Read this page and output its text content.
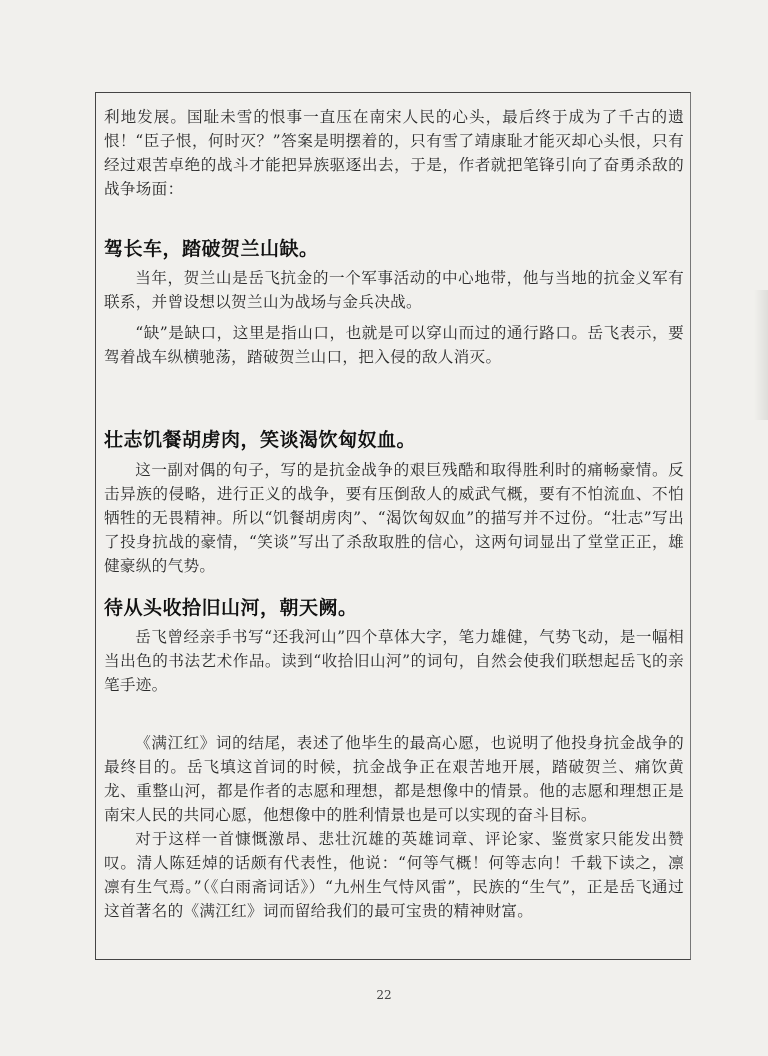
利地发展。国耻未雪的恨事一直压在南宋人民的心头，最后终于成为了千古的遗恨！ “臣子恨，何时灭？”答案是明摆着的，只有雪了靖康耻才能灭却心头恨，只有经过艰苦卓绝的战斗才能把异族驱逐出去，于是，作者就把笔锋引向了奋勇杀敌的战争场面：
驾长车，踏破贺兰山缺。
当年，贺兰山是岳飞抗金的一个军事活动的中心地带，他与当地的抗金义军有联系，并曾设想以贺兰山为战场与金兵决战。
“缺”是缺口，这里是指山口，也就是可以穿山而过的通行路口。岳飞表示，要驾着战车纵横驰荡，踏破贺兰山口，把入侵的敌人消灭。
壮志饥餐胡虏肉，笑谈渴饮匈奴血。
这一副对偶的句子，写的是抗金战争的艰巨残酷和取得胜利时的痛畅豪情。反击异族的侵略，进行正义的战争，要有压倒敌人的威武气概，要有不怕流血、不怕牺牲的无畏精神。所以“饥餐胡虏肉”、“渴饮匈奴血”的描写并不过份。“壮志”写出了投身抗战的豪情，“笑谈”写出了杀敌取胜的信心，这两句词显出了堂堂正正，雄健豪纵的气势。
待从头收拾旧山河，朝天阙。
岳飞曾经亲手书写“还我河山”四个草体大字，笔力雄健，气势飞动，是一幅相当出色的书法艺术作品。读到“收拾旧山河”的词句，自然会使我们联想起岳飞的亲笔手迹。
《满江红》词的结尾，表述了他毕生的最高心愿，也说明了他投身抗金战争的最终目的。岳飞填这首词的时候，抗金战争正在艰苦地开展，踏破贺兰、痛饮黄龙、重整山河，都是作者的志愿和理想，都是想像中的情景。他的志愿和理想正是南宋人民的共同心愿，他想像中的胜利情景也是可以实现的奋斗目标。
对于这样一首慷慨激昂、悲壮沉雄的英雄词章、评论家、鉴赏家只能发出赞叹。清人陈廷焯的话颇有代表性，他说：“何等气概！何等志向！千载下读之，凛凛有生气焉。”（《白雨斋词话》）“九州生气恃风雷”，民族的“生气”，正是岳飞通过这首著名的《满江红》词而留给我们的最可宝贵的精神财富。
22
